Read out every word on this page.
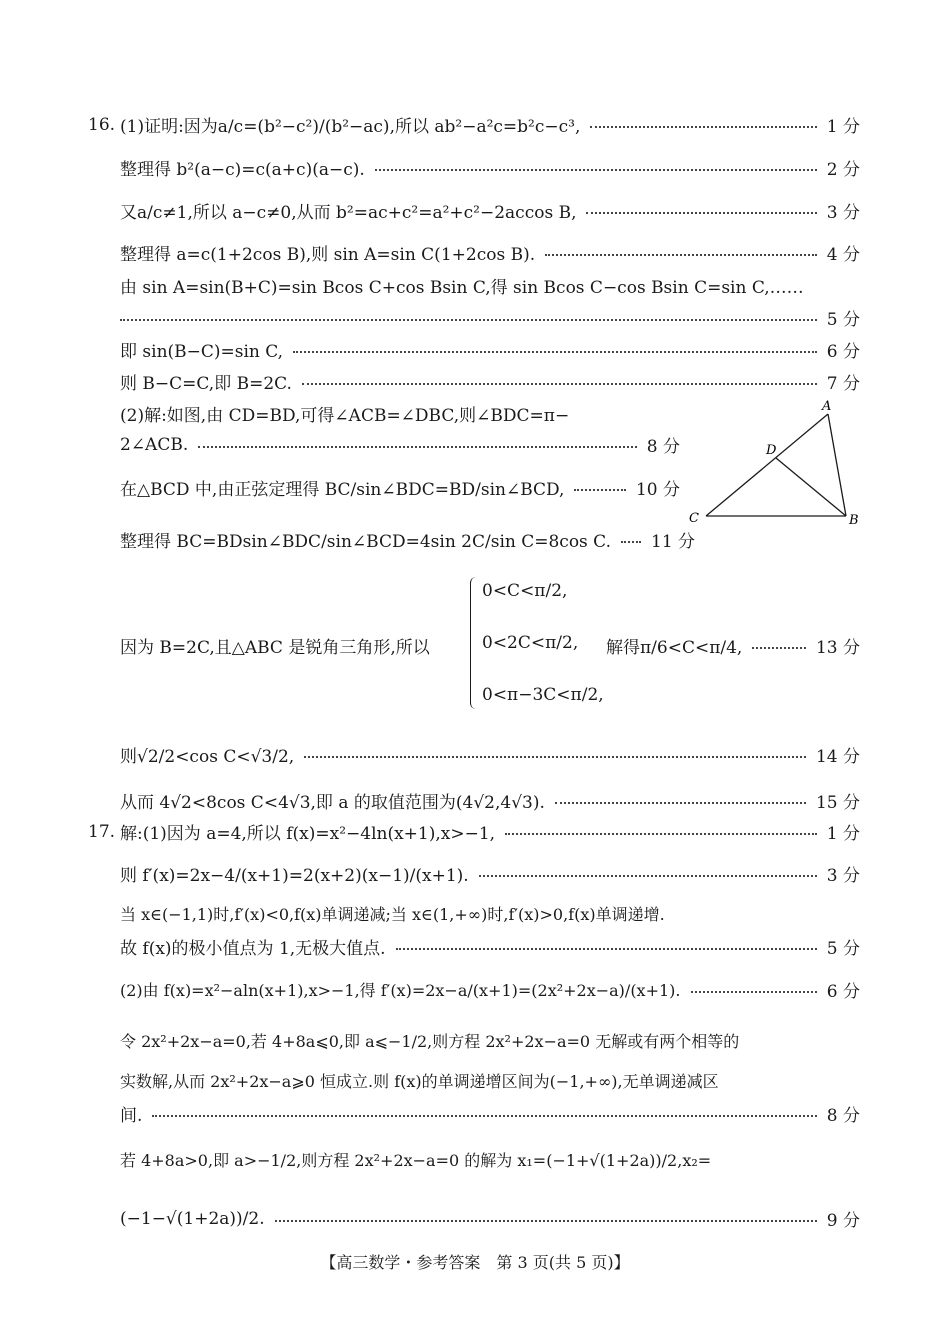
16. (1)证明:因为a/c=(b²−c²)/(b²−ac),所以 ab²−a²c=b²c−c³,	1 分
整理得 b²(a−c)=c(a+c)(a−c).	2 分
又a/c≠1,所以 a−c≠0,从而 b²=ac+c²=a²+c²−2accos B,	3 分
整理得 a=c(1+2cos B),则 sin A=sin C(1+2cos B).	4 分
由 sin A=sin(B+C)=sin Bcos C+cos Bsin C,得 sin Bcos C−cos Bsin C=sin C,……
5 分
即 sin(B−C)=sin C,	6 分
则 B−C=C,即 B=2C.	7 分
(2)解:如图,由 CD=BD,可得∠ACB=∠DBC,则∠BDC=π−
2∠ACB.	8 分
在△BCD 中,由正弦定理得 BC/sin∠BDC=BD/sin∠BCD,	10 分
整理得 BC=BDsin∠BDC/sin∠BCD=4sin 2C/sin C=8cos C. 11 分
A
D
C	B
因为 B=2C,且△ABC 是锐角三角形,所以
0<C<π/2,
0<2C<π/2,
0<π−3C<π/2,
解得π/6<C<π/4,	13 分
则√2/2<cos C<√3/2,	14 分
从而 4√2<8cos C<4√3,即 a 的取值范围为(4√2,4√3).	15 分
17. 解:(1)因为 a=4,所以 f(x)=x²−4ln(x+1),x>−1,	1 分
则 f′(x)=2x−4/(x+1)=2(x+2)(x−1)/(x+1).	3 分
当 x∈(−1,1)时,f′(x)<0,f(x)单调递减;当 x∈(1,+∞)时,f′(x)>0,f(x)单调递增.
故 f(x)的极小值点为 1,无极大值点.	5 分
(2)由 f(x)=x²−aln(x+1),x>−1,得 f′(x)=2x−a/(x+1)=(2x²+2x−a)/(x+1).	6 分
令 2x²+2x−a=0,若 4+8a⩽0,即 a⩽−1/2,则方程 2x²+2x−a=0 无解或有两个相等的
实数解,从而 2x²+2x−a⩾0 恒成立.则 f(x)的单调递增区间为(−1,+∞),无单调递减区
间.	8 分
若 4+8a>0,即 a>−1/2,则方程 2x²+2x−a=0 的解为 x₁=(−1+√(1+2a))/2,x₂=
(−1−√(1+2a))/2.	9 分
【高三数学・参考答案　第 3 页(共 5 页)】
